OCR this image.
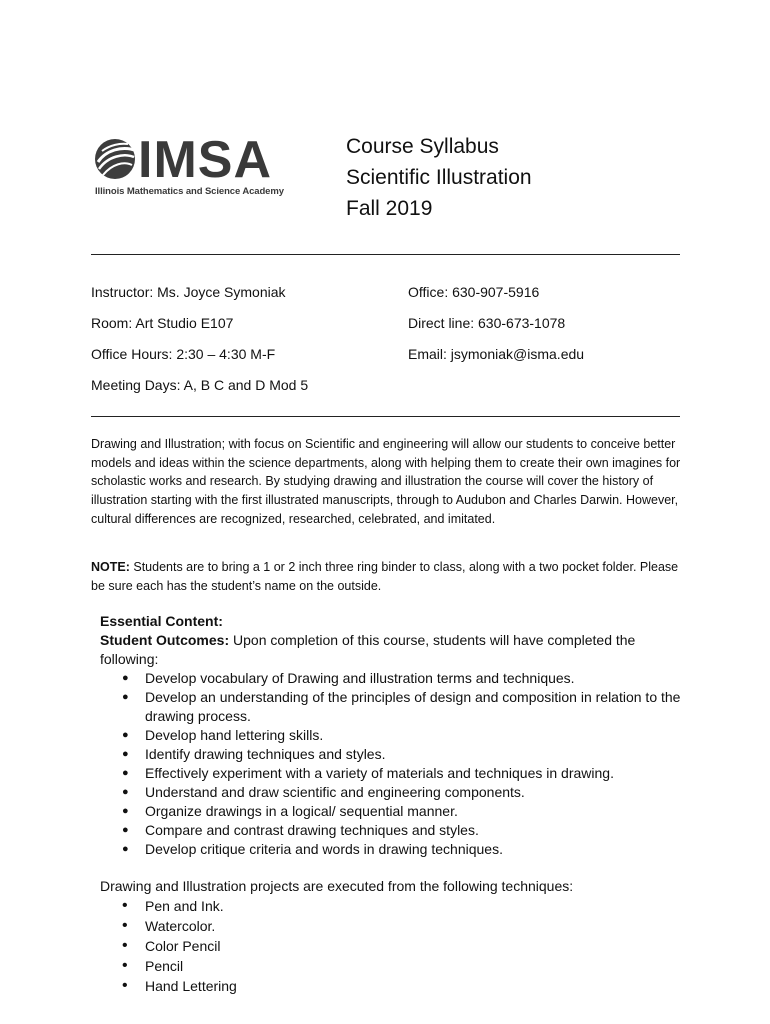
IMSA
Illinois Mathematics and Science Academy
Course Syllabus
Scientific Illustration
Fall 2019
Instructor: Ms. Joyce Symoniak
Room: Art Studio E107
Office Hours: 2:30 – 4:30 M-F
Meeting Days: A, B C and D Mod 5
Office: 630-907-5916
Direct line: 630-673-1078
Email: jsymoniak@isma.edu
Drawing and Illustration; with focus on Scientific and engineering will allow our students to conceive better models and ideas within the science departments, along with helping them to create their own imagines for scholastic works and research. By studying drawing and illustration the course will cover the history of illustration starting with the first illustrated manuscripts, through to Audubon and Charles Darwin. However, cultural differences are recognized, researched, celebrated, and imitated.
NOTE: Students are to bring a 1 or 2 inch three ring binder to class, along with a two pocket folder. Please be sure each has the student’s name on the outside.
Essential Content:
Student Outcomes: Upon completion of this course, students will have completed the following:
● Develop vocabulary of Drawing and illustration terms and techniques.
● Develop an understanding of the principles of design and composition in relation to the drawing process.
● Develop hand lettering skills.
● Identify drawing techniques and styles.
● Effectively experiment with a variety of materials and techniques in drawing.
● Understand and draw scientific and engineering components.
● Organize drawings in a logical/ sequential manner.
● Compare and contrast drawing techniques and styles.
● Develop critique criteria and words in drawing techniques.
Drawing and Illustration projects are executed from the following techniques:
• Pen and Ink.
• Watercolor.
• Color Pencil
• Pencil
• Hand Lettering
